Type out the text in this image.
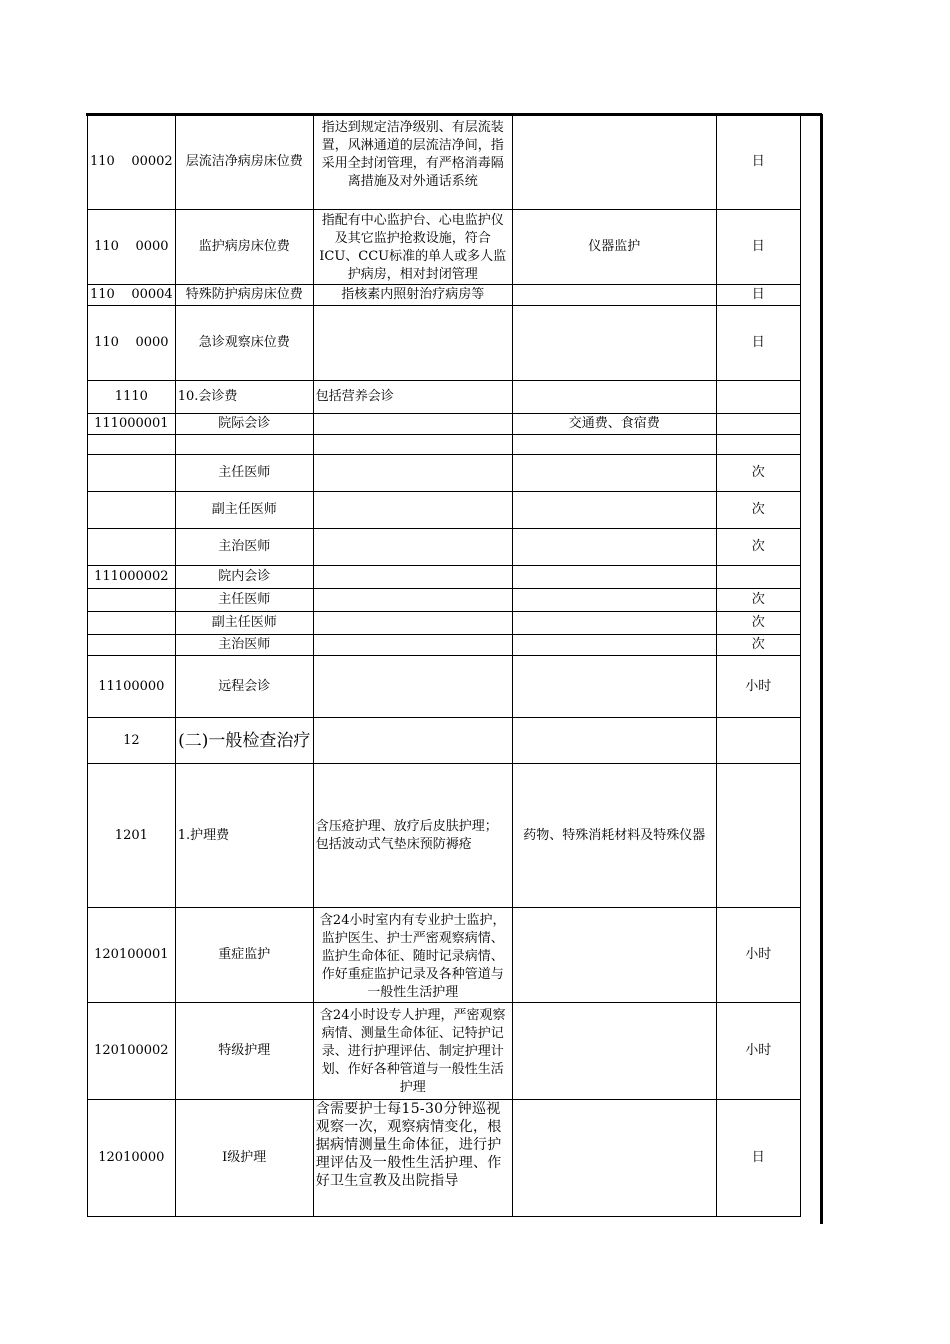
110    00002	层流洁净病房床位费	指达到规定洁净级别、有层流装置，风淋通道的层流洁净间，指采用全封闭管理，有严格消毒隔离措施及对外通话系统		日
110    0000	监护病房床位费	指配有中心监护台、心电监护仪及其它监护抢救设施，符合ICU、CCU标准的单人或多人监护病房，相对封闭管理	仪器监护	日
110    00004	特殊防护病房床位费	指核素内照射治疗病房等		日
110    0000	急诊观察床位费			日
1110	10.会诊费	包括营养会诊		
111000001	院际会诊		交通费、食宿费	

	主任医师			次
	副主任医师			次
	主治医师			次
111000002	院内会诊			
	主任医师			次
	副主任医师			次
	主治医师			次
11100000	远程会诊			小时
12	(二)一般检查治疗			
1201	1.护理费	含压疮护理、放疗后皮肤护理；包括波动式气垫床预防褥疮	药物、特殊消耗材料及特殊仪器	
120100001	重症监护	含24小时室内有专业护士监护，监护医生、护士严密观察病情、监护生命体征、随时记录病情、作好重症监护记录及各种管道与一般性生活护理		小时
120100002	特级护理	含24小时设专人护理，严密观察病情、测量生命体征、记特护记录、进行护理评估、制定护理计划、作好各种管道与一般性生活护理		小时
12010000	Ⅰ级护理	含需要护士每15-30分钟巡视观察一次，观察病情变化，根据病情测量生命体征，进行护理评估及一般性生活护理、作好卫生宣教及出院指导		日
